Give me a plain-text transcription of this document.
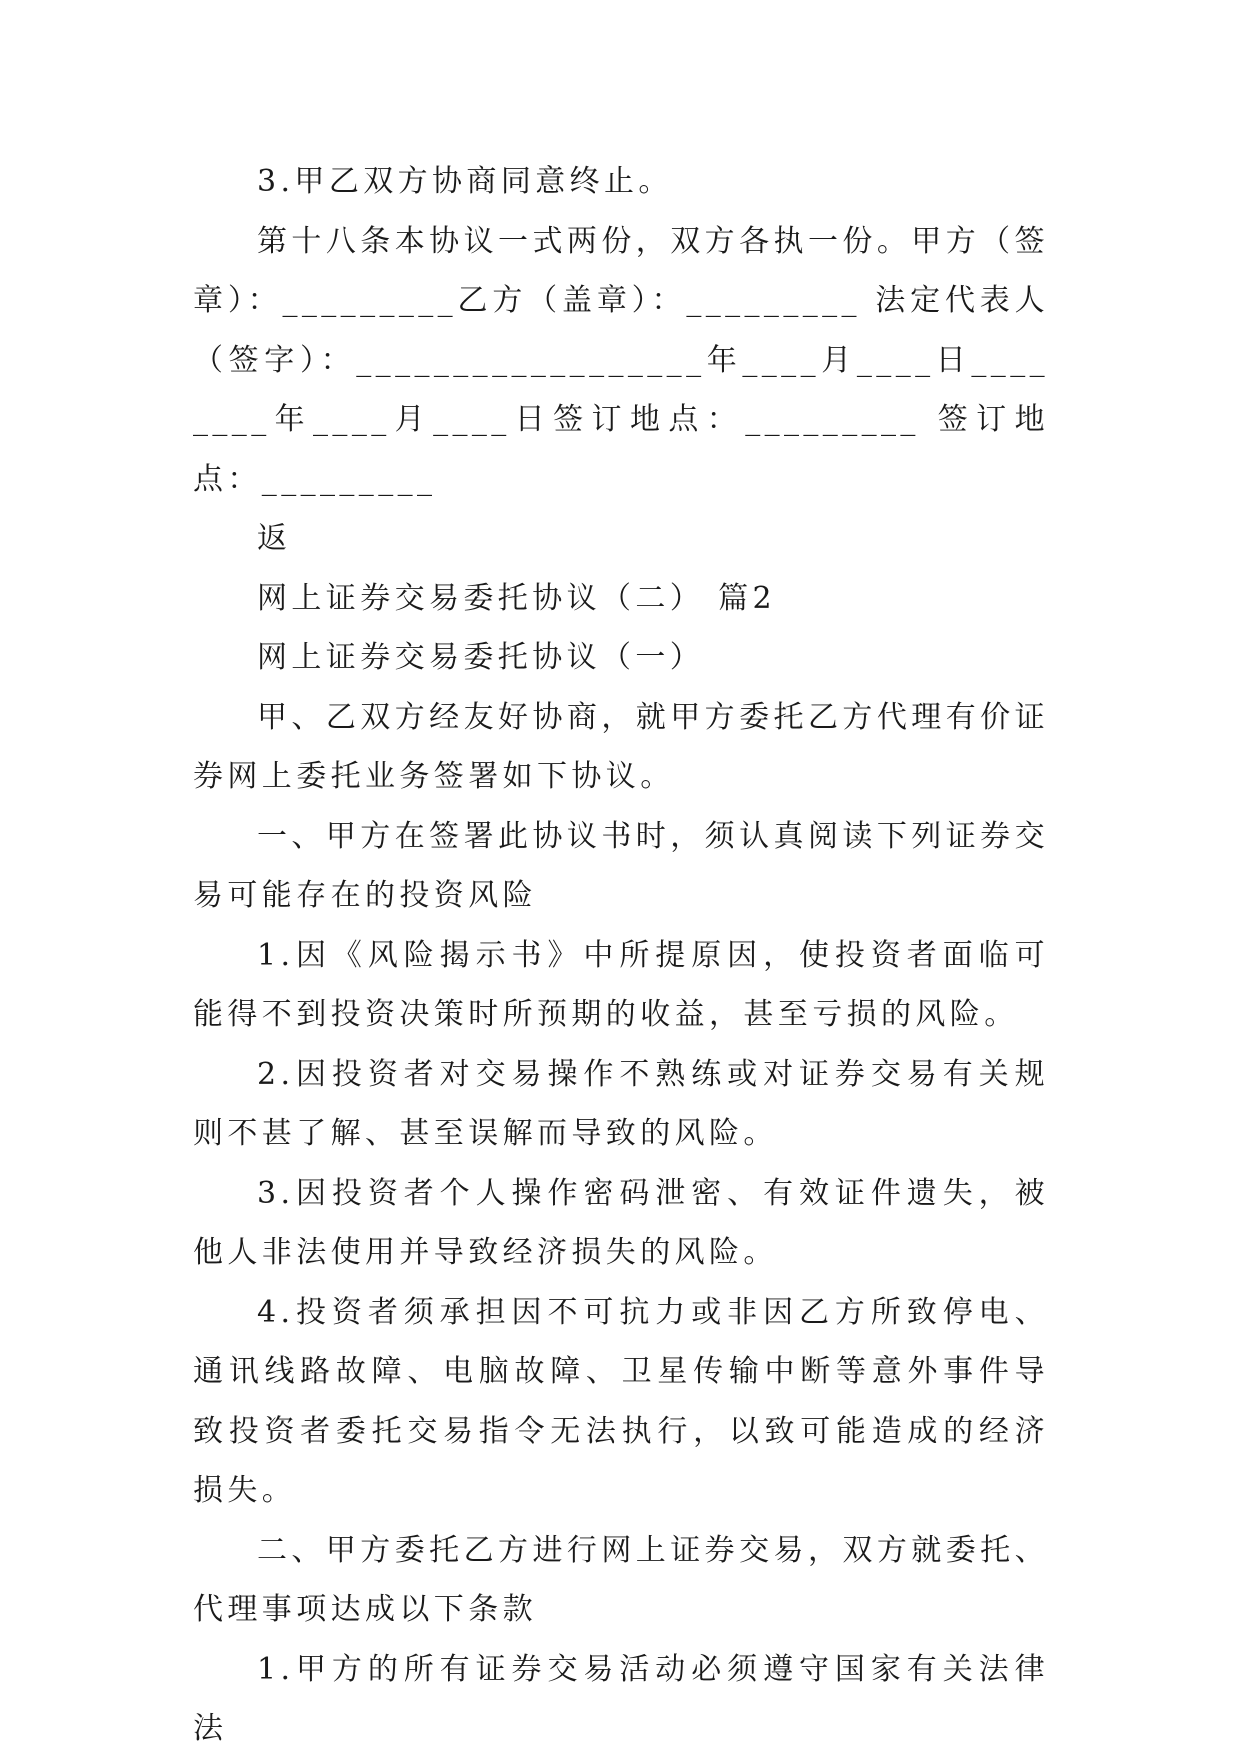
3.甲乙双方协商同意终止。

第十八条本协议一式两份，双方各执一份。甲方（签章）：_________乙方（盖章）：_________ 法定代表人（签字）：__________________年____月____日________年____月____日签订地点：_________ 签订地点：_________

返

网上证券交易委托协议（二） 篇2

网上证券交易委托协议（一）

甲、乙双方经友好协商，就甲方委托乙方代理有价证券网上委托业务签署如下协议。

一、甲方在签署此协议书时，须认真阅读下列证券交易可能存在的投资风险

1.因《风险揭示书》中所提原因，使投资者面临可能得不到投资决策时所预期的收益，甚至亏损的风险。

2.因投资者对交易操作不熟练或对证券交易有关规则不甚了解、甚至误解而导致的风险。

3.因投资者个人操作密码泄密、有效证件遗失，被他人非法使用并导致经济损失的风险。

4.投资者须承担因不可抗力或非因乙方所致停电、通讯线路故障、电脑故障、卫星传输中断等意外事件导致投资者委托交易指令无法执行，以致可能造成的经济损失。

二、甲方委托乙方进行网上证券交易，双方就委托、代理事项达成以下条款

1.甲方的所有证券交易活动必须遵守国家有关法律法
